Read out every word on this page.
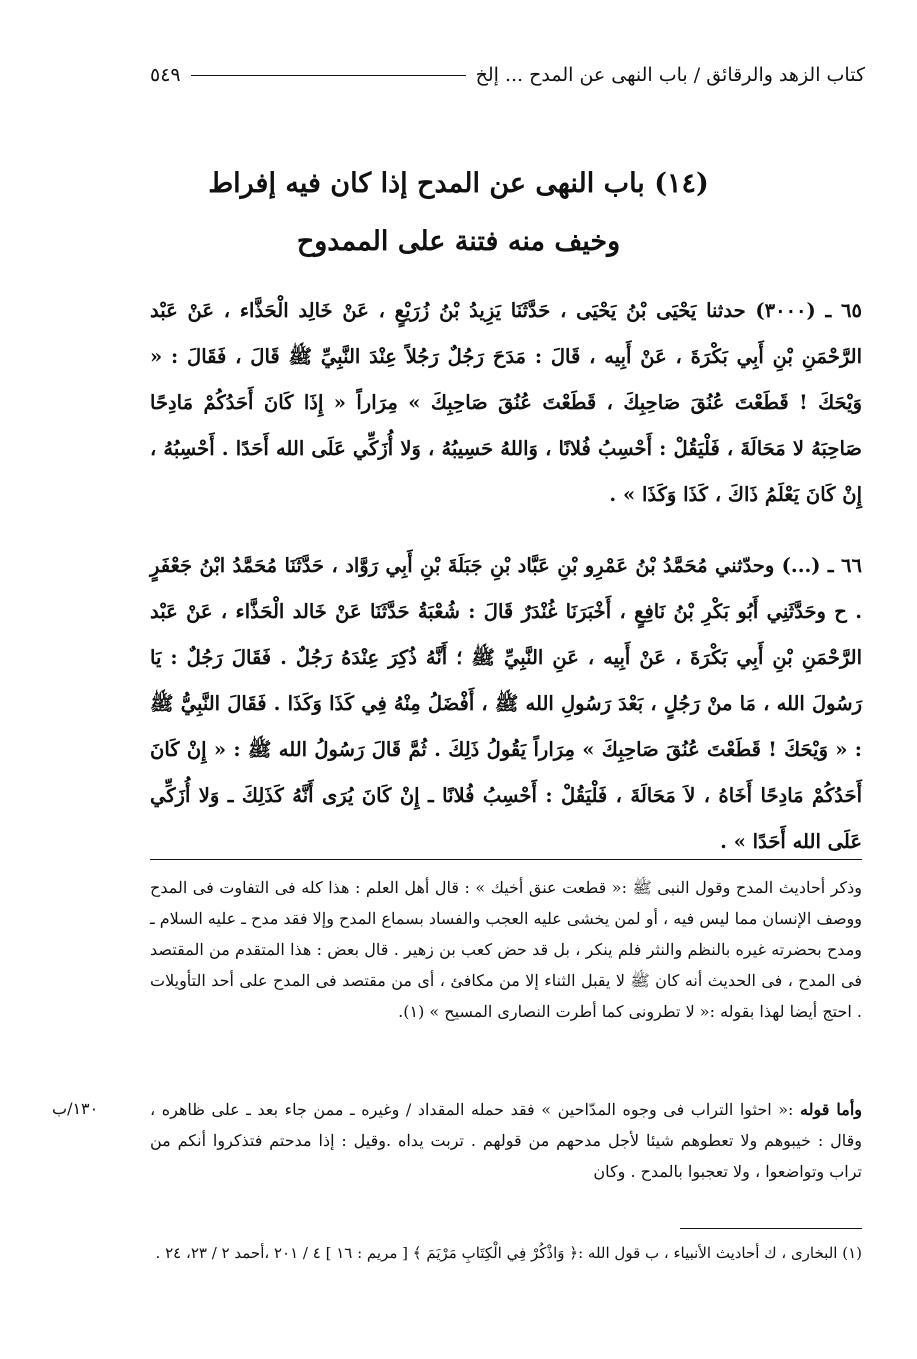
كتاب الزهد والرقائق / باب النهى عن المدح ... إلخ
٥٤٩
(١٤) باب النهى عن المدح إذا كان فيه إفراط
وخيف منه فتنة على الممدوح
٦٥ ـ (٣٠٠٠) حدثنا يَحْيَى بْنُ يَحْيَى ، حَدَّثَنَا يَزِيدُ بْنُ زُرَيْعٍ ، عَنْ خَالِد الْحَذَّاء ، عَنْ عَبْد الرَّحْمَنِ بْنِ أَبِي بَكْرَةَ ، عَنْ أَبِيه ، قَالَ : مَدَحَ رَجُلٌ رَجُلاً عِنْدَ النَّبِيِّ ﷺ قَالَ ، فَقَالَ : « وَيْحَكَ ! قَطَعْتَ عُنُقَ صَاحِبِكَ ، قَطَعْتَ عُنُقَ صَاحِبِكَ » مِرَاراً « إِذَا كَانَ أَحَدُكُمْ مَادِحًا صَاحِبَهُ لا مَحَالَةَ ، فَلْيَقُلْ : أَحْسِبُ فُلانًا ، وَاللهُ حَسِيبُهُ ، وَلا أُزَكِّي عَلَى الله أَحَدًا . أَحْسِبُهُ ، إِنْ كَانَ يَعْلَمُ ذَاكَ ، كَذَا وَكَذَا » .
٦٦ ـ (...) وحدّثني مُحَمَّدُ بْنُ عَمْرِو بْنِ عَبَّاد بْنِ جَبَلَةَ بْنِ أَبِي رَوَّاد ، حَدَّثَنَا مُحَمَّدُ ابْنُ جَعْفَرٍ . ح وحَدَّثَنِي أَبُو بَكْرِ بْنُ نَافِعٍ ، أَخْبَرَنَا غُنْدَرٌ قَالَ : شُعْبَةُ حَدَّثَنَا عَنْ خَالد الْحَذَّاء ، عَنْ عَبْد الرَّحْمَنِ بْنِ أَبِي بَكْرَةَ ، عَنْ أَبِيه ، عَنِ النَّبِيِّ ﷺ ؛ أَنَّهُ ذُكِرَ عِنْدَهُ رَجُلٌ . فَقَالَ رَجُلٌ : يَا رَسُولَ الله ، مَا منْ رَجُلٍ ، بَعْدَ رَسُولِ الله ﷺ ، أَفْضَلُ مِنْهُ فِي كَذَا وَكَذَا . فَقَالَ النَّبِيُّ ﷺ : « وَيْحَكَ ! قَطَعْتَ عُنُقَ صَاحِبِكَ » مِرَاراً يَقُولُ ذَلِكَ . ثُمَّ قَالَ رَسُولُ الله ﷺ : « إِنْ كَانَ أَحَدُكُمْ مَادِحًا أَخَاهُ ، لاَ مَحَالَةَ ، فَلْيَقُلْ : أَحْسِبُ فُلانًا ـ إِنْ كَانَ يُرَى أَنَّهُ كَذَلِكَ ـ وَلا أُزَكِّي عَلَى الله أَحَدًا » .
وذكر أحاديث المدح وقول النبى ﷺ :« قطعت عنق أخيك » : قال أهل العلم : هذا كله فى التفاوت فى المدح ووصف الإنسان مما ليس فيه ، أو لمن يخشى عليه العجب والفساد بسماع المدح وإلا فقد مدح ـ عليه السلام ـ ومدح بحضرته غيره بالنظم والنثر فلم ينكر ، بل قد حض كعب بن زهير . قال بعض : هذا المتقدم من المقتصد فى المدح ، فى الحديث أنه كان ﷺ لا يقبل الثناء إلا من مكافئ ، أى من مقتصد فى المدح على أحد التأويلات . احتج أيضا لهذا بقوله :« لا تطرونى كما أطرت النصارى المسيح » (١).
وأما قوله :« احثوا التراب فى وجوه المدّاحين » فقد حمله المقداد / وغيره ـ ممن جاء بعد ـ على ظاهره ، وقال : خيبوهم ولا تعطوهم شيئا لأجل مدحهم من قولهم . تربت يداه .وقيل : إذا مدحتم فتذكروا أنكم من تراب وتواضعوا ، ولا تعجبوا بالمدح . وكان
١٣٠/ب
(١) البخارى ، ك أحاديث الأنبياء ، ب قول الله :﴿ وَاذْكُرْ فِي الْكِتَابِ مَرْيَمَ ﴾ [ مريم : ١٦ ] ٤ / ٢٠١ ،أحمد ٢ / ٢٣، ٢٤ .
